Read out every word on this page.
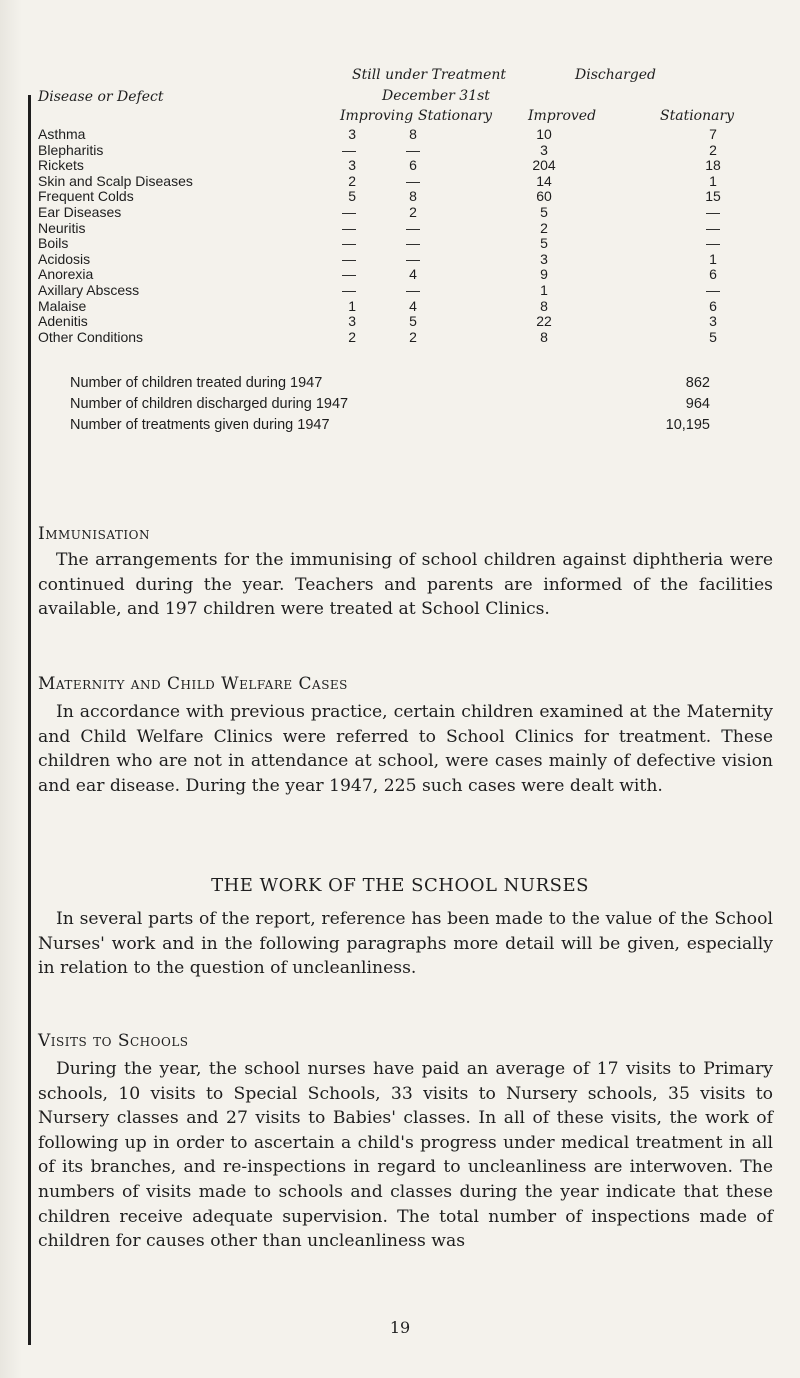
Disease or Defect
Still under Treatment
December 31st
Discharged
Improving Stationary	Improved	Stationary
Asthma	3	8	10	7
Blepharitis	—	—	3	2
Rickets	3	6	204	18
Skin and Scalp Diseases	2	—	14	1
Frequent Colds	5	8	60	15
Ear Diseases	—	2	5	—
Neuritis	—	—	2	—
Boils	—	—	5	—
Acidosis	—	—	3	1
Anorexia	—	4	9	6
Axillary Abscess	—	—	1	—
Malaise	1	4	8	6
Adenitis	3	5	22	3
Other Conditions	2	2	8	5
Number of children treated during 1947	862
Number of children discharged during 1947	964
Number of treatments given during 1947	10,195
Immunisation

The arrangements for the immunising of school children against diphtheria were continued during the year. Teachers and parents are informed of the facilities available, and 197 children were treated at School Clinics.

Maternity and Child Welfare Cases

In accordance with previous practice, certain children examined at the Maternity and Child Welfare Clinics were referred to School Clinics for treatment. These children who are not in attendance at school, were cases mainly of defective vision and ear disease. During the year 1947, 225 such cases were dealt with.

THE WORK OF THE SCHOOL NURSES

In several parts of the report, reference has been made to the value of the School Nurses' work and in the following paragraphs more detail will be given, especially in relation to the question of uncleanliness.

Visits to Schools

During the year, the school nurses have paid an average of 17 visits to Primary schools, 10 visits to Special Schools, 33 visits to Nursery schools, 35 visits to Nursery classes and 27 visits to Babies' classes. In all of these visits, the work of following up in order to ascertain a child's progress under medical treatment in all of its branches, and re-inspections in regard to uncleanliness are interwoven. The numbers of visits made to schools and classes during the year indicate that these children receive adequate supervision. The total number of inspections made of children for causes other than uncleanliness was

19
